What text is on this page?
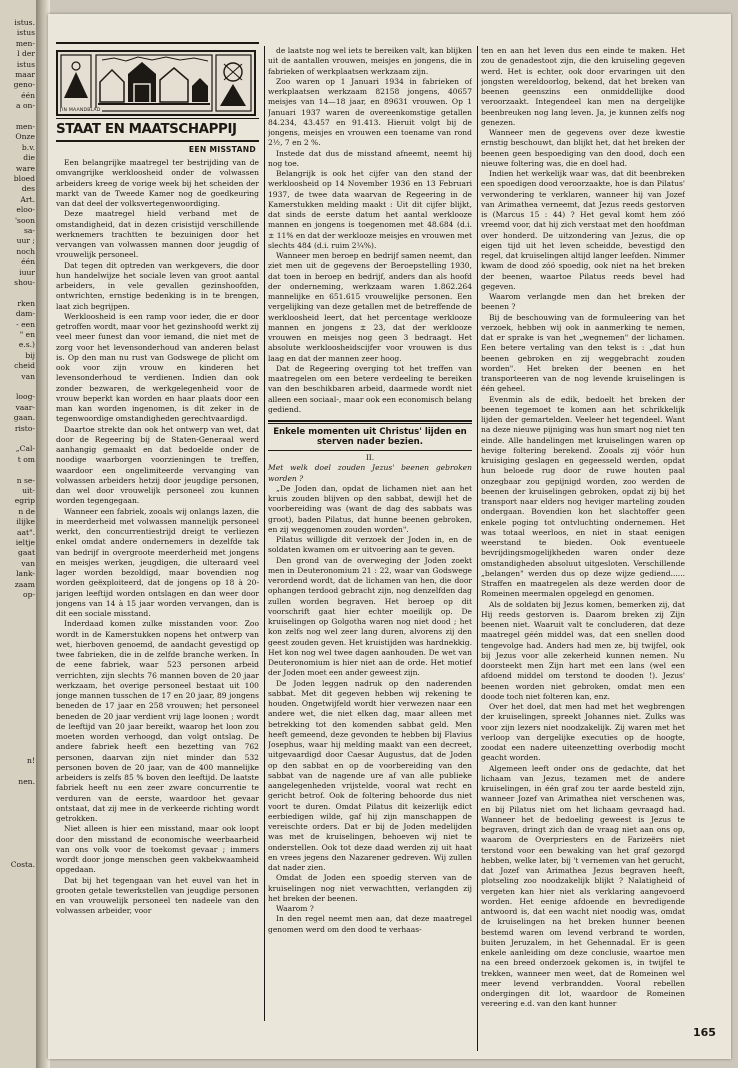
istus.
istus
men-
l der
istus
maar
geno-
één
a on-
men-
Onze
b.v.
die
ware
bloed
des
Art.
eloo-
'soon
sa-
uur ;
noch
één
iuur
shou-
rken
dam-
- een
" en
e.s.)
bij
cheid
van
loog-
vaar-
gaan.
risto-
„Cal-
t om
n se-
uit-
egrip
n de
ilijke
aat".
ieltje
gaat
van
lank-
zaam
op-
n!
nen.
Costa.
IN MAANDBLAD
STAAT EN MAATSCHAPPIJ
EEN MISSTAND

Een belangrijke maatregel ter bestrijding van de omvangrijke werkloosheid onder de volwassen arbeiders kreeg de vorige week bij het scheiden der markt van de Tweede Kamer nog de goedkeuring van dat deel der volksvertegenwoordiging.

Deze maatregel hield verband met de omstandigheid, dat in dezen crisistijd verschillende werknemers trachtten te bezuinigen door het vervangen van volwassen mannen door jeugdig of vrouwelijk personeel.

Dat tegen dit optreden van werkgevers, die door hun handelwijze het sociale leven van groot aantal arbeiders, in vele gevallen gezinshoofden, ontwrichten, ernstige bedenking is in te brengen, laat zich begrijpen.

Werkloosheid is een ramp voor ieder, die er door getroffen wordt, maar voor het gezinshoofd werkt zij veel meer funest dan voor iemand, die niet met de zorg voor het levensonderhoud van anderen belast is. Op den man nu rust van Godswege de plicht om ook voor zijn vrouw en kinderen het levensonderhoud te verdienen. Indien dan ook zonder bezwaren, de werkgelegenheid voor de vrouw beperkt kan worden en haar plaats door een man kan worden ingenomen, is dit zeker in de tegenwoordige omstandigheden gerechtvaardigd.

Daartoe strekte dan ook het ontwerp van wet, dat door de Regeering bij de Staten-Generaal werd aanhangig gemaakt en dat bedoelde onder de noodige waarborgen voorzieningen te treffen, waardoor een ongelimiteerde vervanging van volwassen arbeiders hetzij door jeugdige personen, dan wel door vrouwelijk personeel zou kunnen worden tegengegaan.

Wanneer een fabriek, zooals wij onlangs lazen, die in meerderheid met volwassen mannelijk personeel werkt, den concurrentiestrijd dreigt te verliezen enkel omdat andere ondernemers in dezelfde tak van bedrijf in overgroote meerderheid met jongens en meisjes werken, jeugdigen, die ulteraard veel lager worden bezoldigd, maar bovendien nog worden geëxploiteerd, dat de jongens op 18 à 20-jarigen leeftijd worden ontslagen en dan weer door jongens van 14 à 15 jaar worden vervangen, dan is dit een sociale misstand.

Inderdaad komen zulke misstanden voor. Zoo wordt in de Kamerstukken nopens het ontwerp van wet, hierboven genoemd, de aandacht gevestigd op twee fabrieken, die in de zelfde branche werken. In de eene fabriek, waar 523 personen arbeid verrichten, zijn slechts 76 mannen boven de 20 jaar werkzaam, het overige personeel bestaat uit 100 jonge mannen tusschen de 17 en 20 jaar, 89 jongens beneden de 17 jaar en 258 vrouwen; het personeel beneden de 20 jaar verdient vrij lage loonen ; wordt de leeftijd van 20 jaar bereikt, waarop het loon zou moeten worden verhoogd, dan volgt ontslag. De andere fabriek heeft een bezetting van 762 personen, daarvan zijn niet minder dan 532 personen boven de 20 jaar, van de 400 mannelijke arbeiders is zelfs 85 % boven den leeftijd. De laatste fabriek heeft nu een zeer zware concurrentie te verduren van de eerste, waardoor het gevaar ontstaat, dat zij mee in de verkeerde richting wordt getrokken.

Niet alleen is hier een misstand, maar ook loopt door den misstand de economische weerbaarheid van ons volk voor de toekomst gevaar ; immers wordt door jonge menschen geen vakbekwaamheid opgedaan.

Dat bij het tegengaan van het euvel van het in grooten getale tewerkstellen van jeugdige personen en van vrouwelijk personeel ten nadeele van den volwassen arbeider, voor

de laatste nog wel iets te bereiken valt, kan blijken uit de aantallen vrouwen, meisjes en jongens, die in fabrieken of werkplaatsen werkzaam zijn.

Zoo waren op 1 Januari 1934 in fabrieken of werkplaatsen werkzaam 82158 jongens, 40657 meisjes van 14—18 jaar, en 89631 vrouwen. Op 1 Januari 1937 waren de overeenkomstige getallen 84.234, 43.457 en 91.413. Hieruit volgt bij de jongens, meisjes en vrouwen een toename van rond 2½, 7 en 2 %.

Instede dat dus de misstand afneemt, neemt hij nog toe.

Belangrijk is ook het cijfer van den stand der werkloosheid op 14 November 1936 en 13 Februari 1937, de twee data waarvan de Regeering in de Kamerstukken melding maakt : Uit dit cijfer blijkt, dat sinds de eerste datum het aantal werklooze mannen en jongens is toegenomen met 48.684 (d.i. ± 11% en dat der werklooze meisjes en vrouwen met slechts 484 (d.i. ruim 2¼%).

Wanneer men beroep en bedrijf samen neemt, dan ziet men uit de gegevens der Beroepstelling 1930, dat toen in beroep en bedrijf, anders dan als hoofd der onderneming, werkzaam waren 1.862.264 mannelijke en 651.615 vrouwelijke personen. Een vergelijking van deze getallen met de betreffende de werkloosheid leert, dat het percentage werklooze mannen en jongens ± 23, dat der werklooze vrouwen en meisjes nog geen 3 bedraagt. Het absolute werkloosheidscijfer voor vrouwen is dus laag en dat der mannen zeer hoog.

Dat de Regeering overging tot het treffen van maatregelen om een betere verdeeling te bereiken van den beschikbaren arbeid, daarmede wordt niet alleen een sociaal-, maar ook een economisch belang gediend.

Enkele momenten uit Christus' lijden en sterven nader bezien.

II.

Met welk doel zouden Jezus' beenen gebroken worden ?

„De Joden dan, opdat de lichamen niet aan het kruis zouden blijven op den sabbat, dewijl het de voorbereiding was (want de dag des sabbats was groot), baden Pilatus, dat hunne beenen gebroken, en zij weggenomen zouden worden".

Pilatus willigde dit verzoek der Joden in, en de soldaten kwamen om er uitvoering aan te geven.

Den grond van de overweging der Joden zoekt men in Deuteronomium 21 : 22, waar van Godswege verordend wordt, dat de lichamen van hen, die door ophangen terdood gebracht zijn, nog denzelfden dag zullen worden begraven. Het beroep op dit voorschrift gaat hier echter moeilijk op. De kruiselingen op Golgotha waren nog niet dood ; het kon zelfs nog wel zeer lang duren, alvorens zij den geest zouden geven. Het kruistijden was hardnekkig. Het kon nog wel twee dagen aanhouden. De wet van Deuteronomium is hier niet aan de orde. Het motief der Joden moet een ander geweest zijn.

De Joden leggen nadruk op den naderenden sabbat. Met dit gegeven hebben wij rekening te houden. Ongetwijfeld wordt hier verwezen naar een andere wet, die niet elken dag, maar alleen met betrekking tot den komenden sabbat geld. Men heeft gemeend, deze gevonden te hebben bij Flavius Josephus, waar hij melding maakt van een decreet, uitgevaardigd door Caesar Augustus, dat de Joden op den sabbat en op de voorbereiding van den sabbat van de nagende ure af van alle publieke aangelegenheden vrijstelde, vooral wat recht en gericht betrof. Ook de foltering behoorde dus niet voort te duren. Omdat Pilatus dit keizerlijk edict eerbiedigen wilde, gaf hij zijn manschappen de vereischte orders. Dat er bij de Joden medelijden was met de kruiselingen, behoeven wij niet te onderstellen. Ook tot deze daad werden zij uit haat en vrees jegens den Nazarener gedreven. Wij zullen dat nader zien.

Omdat de Joden een spoedig sterven van de kruiselingen nog niet verwachtten, verlangden zij het breken der beenen.

Waarom ?

In den regel neemt men aan, dat deze maatregel genomen werd om den dood te verhaas-

ten en aan het leven dus een einde te maken. Het zou de genadestoot zijn, die den kruiseling gegeven werd. Het is echter, ook door ervaringen uit den jongsten wereldoorlog, bekend, dat het breken van beenen geenszins een onmiddellijke dood veroorzaakt. Integendeel kan men na dergelijke beenbreuken nog lang leven. Ja, je kunnen zelfs nog genezen.

Wanneer men de gegevens over deze kwestie ernstig beschouwt, dan blijkt het, dat het breken der beenen geen bespoediging van den dood, doch een nieuwe foltering was, die en doel had.

Indien het werkelijk waar was, dat dit beenbreken een spoedigen dood veroorzaakte, hoe is dan Pilatus' verwondering te verklaren, wanneer hij van Jozef van Arimathea verneemt, dat Jezus reeds gestorven is (Marcus 15 : 44) ? Het geval komt hem zóó vreemd voor, dat hij zich verstaat met den hoofdman over honderd. De uitzondering van Jezus, die op eigen tijd uit het leven scheidde, bevestigd den regel, dat kruiselingen altijd langer leefden. Nimmer kwam de dood zóó spoedig, ook niet na het breken der beenen, waartoe Pilatus reeds bevel had gegeven.

Waarom verlangde men dan het breken der beenen ?

Bij de beschouwing van de formuleering van het verzoek, hebben wij ook in aanmerking te nemen, dat er sprake is van het „wegnemen" der lichamen. Een betere vertaling van den tekst is : „dat hun beenen gebroken en zij weggebracht zouden worden". Het breken der beenen en het transporteeren van de nog levende kruiselingen is één geheel.

Evenmin als de edik, bedoelt het breken der beenen tegemoet te komen aan het schrikkelijk lijden der gemartelden. Veeleer het tegendeel. Want na deze nieuwe pijniging was hun smart nog niet ten einde. Alle handelingen met kruiselingen waren op hevige foltering berekend. Zooals zij vóór hun kruisiging geslagen en gegeesseld werden, opdat hun beloede rug door de ruwe houten paal onzegbaar zou gepijnigd worden, zoo werden de beenen der kruiselingen gebroken, opdat zij bij het transport naar elders nog heviger marteling zouden ondergaan. Bovendien kon het slachtoffer geen enkele poging tot ontvluchting ondernemen. Het was totaal weerloos, en niet in staat eenigen weerstand te bieden. Ook eventueele bevrijdingsmogelijkheden waren onder deze omstandigheden absoluut uitgesloten. Verschillende „belangen" werden dus op deze wijze gediend...... Straffen en maatregelen als deze werden door de Romeinen meermalen opgelegd en genomen.

Als de soldaten bij Jezus komen, bemerken zij, dat Hij reeds gestorven is. Daarom breken zij Zijn beenen niet. Waaruit valt te concluderen, dat deze maatregel géén middel was, dat een snellen dood tengevolge had. Anders had men ze, bij twijfel, ook bij Jezus voor alle zekerheid kunnen nemen. Nu doorsteekt men Zijn hart met een lans (wel een afdoend middel om terstond te dooden !). Jezus' beenen worden niet gebroken, omdat men een doode toch niet folteren kan, enz.

Over het doel, dat men had met het wegbrengen der kruiselingen, spreekt Johannes niet. Zulks was voor zijn lezers niet noodzakelijk. Zij waren met het verloop van dergelijke executies op de hoogte, zoodat een nadere uiteenzetting overbodig mocht geacht worden.

Algemeen leeft onder ons de gedachte, dat het lichaam van Jezus, tezamen met de andere kruiselingen, in één graf zou ter aarde besteld zijn, wanneer Jozef van Arimathea niet verschenen was, en bij Pilatus niet om het lichaam gevraagd had. Wanneer het de bedoeling geweest is Jezus te begraven, dringt zich dan de vraag niet aan ons op, waarom de Overpriesters en de Farizeërs niet terstond voor een bewaking van het graf gezorgd hebben, welke later, bij 't vernemen van het gerucht, dat Jozef van Arimathea Jezus begraven heeft, plotseling zoo noodzakelijk blijkt ? Nalatigheid of vergeten kan hier niet als verklaring aangevoerd worden. Het eenige afdoende en bevredigende antwoord is, dat een wacht niet noodig was, omdat de kruiselingen na het breken hunner beenen bestemd waren om levend verbrand te worden, buiten Jeruzalem, in het Gehennadal. Er is geen enkele aanleiding om deze conclusie, waartoe men na een breed onderzoek gekomen is, in twijfel te trekken, wanneer men weet, dat de Romeinen wel meer levend verbrandden. Vooral rebellen ondergingen dit lot, waardoor de Romeinen vereering e.d. van den kant hunner

165
